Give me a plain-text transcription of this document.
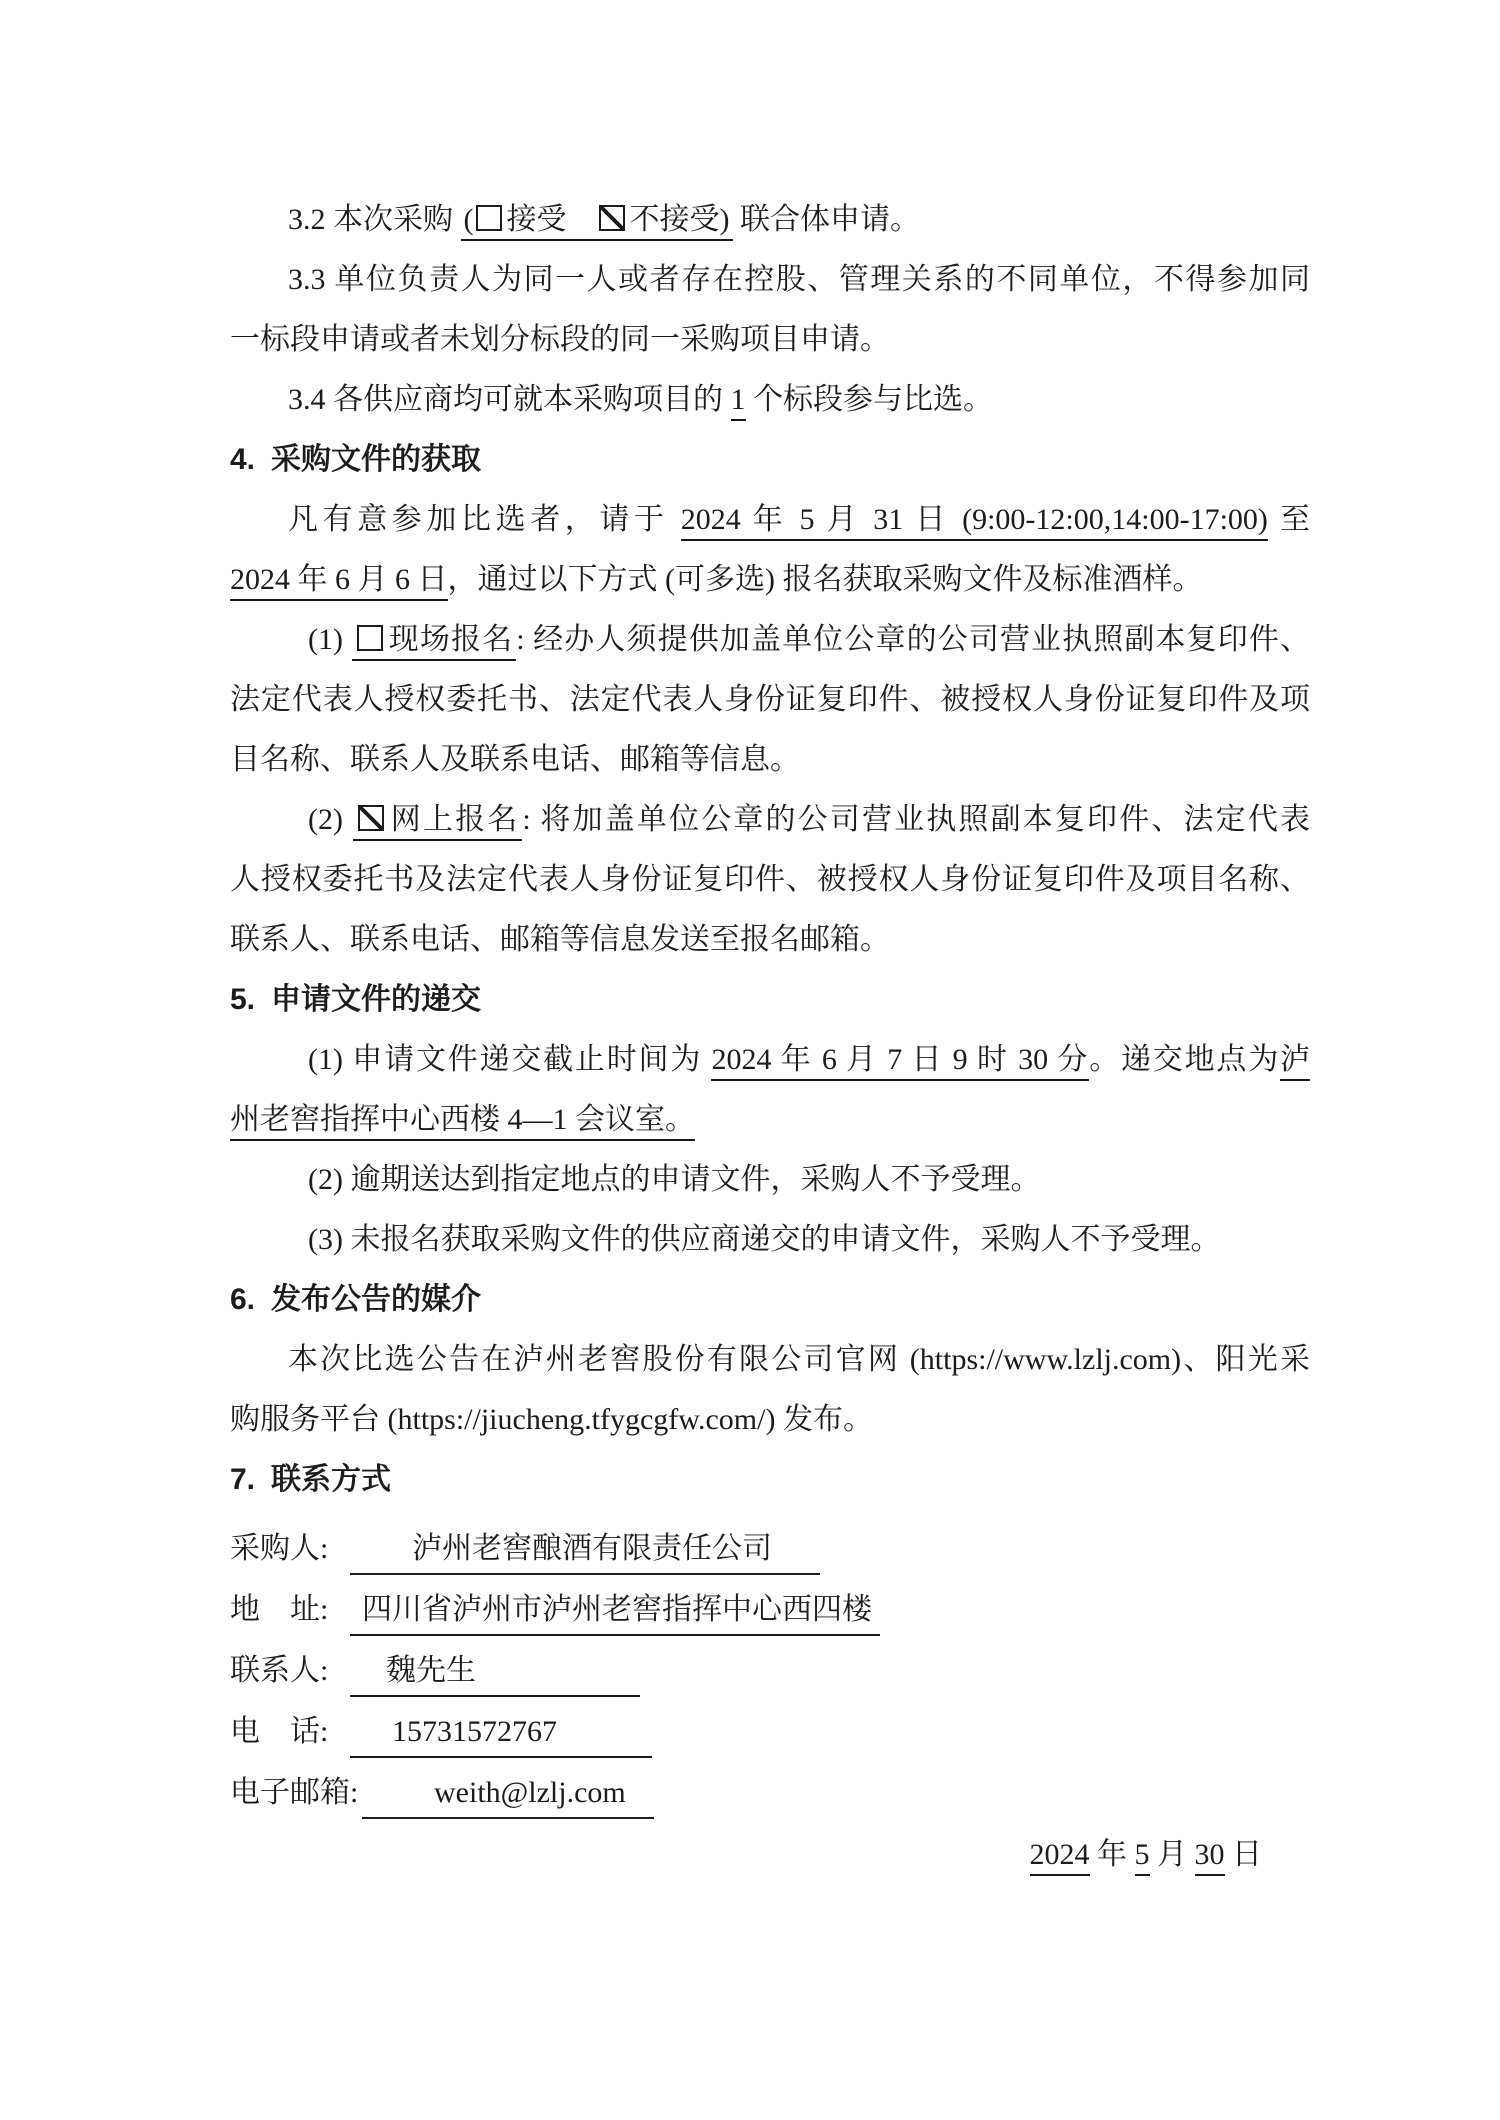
3.2 本次采购 ( 接受 不接受) 联合体申请。
3.3 单位负责人为同一人或者存在控股、管理关系的不同单位，不得参加同
一标段申请或者未划分标段的同一采购项目申请。
3.4 各供应商均可就本采购项目的 1 个标段参与比选。
4. 采购文件的获取
凡有意参加比选者，请于 2024 年 5 月 31 日 (9:00-12:00,14:00-17:00) 至
2024 年 6 月 6 日，通过以下方式 (可多选) 报名获取采购文件及标准酒样。
(1) 现场报名 : 经办人须提供加盖单位公章的公司营业执照副本复印件、
法定代表人授权委托书、法定代表人身份证复印件、被授权人身份证复印件及项
目名称、联系人及联系电话、邮箱等信息。
(2) 网上报名 : 将加盖单位公章的公司营业执照副本复印件、法定代表
人授权委托书及法定代表人身份证复印件、被授权人身份证复印件及项目名称、
联系人、联系电话、邮箱等信息发送至报名邮箱。
5. 申请文件的递交
(1) 申请文件递交截止时间为 2024 年 6 月 7 日 9 时 30 分。递交地点为泸
州老窖指挥中心西楼 4—1 会议室。
(2) 逾期送达到指定地点的申请文件，采购人不予受理。
(3) 未报名获取采购文件的供应商递交的申请文件，采购人不予受理。
6. 发布公告的媒介
本次比选公告在泸州老窖股份有限公司官网 (https://www.lzlj.com)、阳光采
购服务平台 (https://jiucheng.tfygcgfw.com/) 发布。
7. 联系方式
采购人:	泸州老窖酿酒有限责任公司
地　址: 四川省泸州市泸州老窖指挥中心西四楼
联系人: 魏先生
电　话: 15731572767
电子邮箱:	weith@lzlj.com
2024 年 5 月 30 日
